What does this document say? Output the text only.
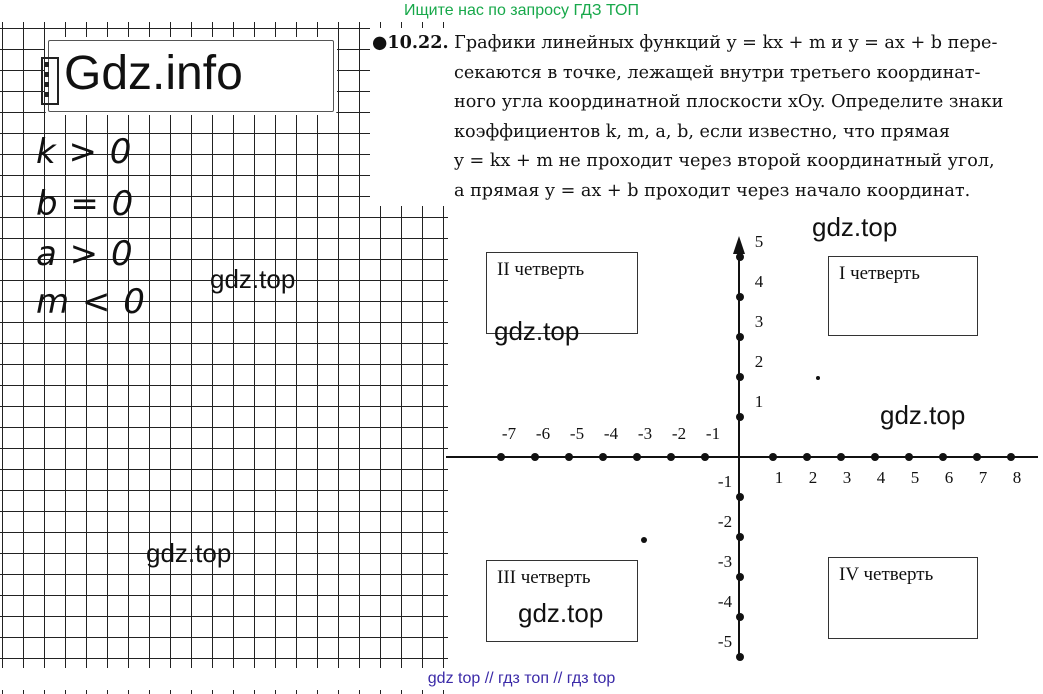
Ищите нас по запросу ГДЗ ТОП
Gdz.info
k > 0
b = 0
a > 0
m < 0
●10.22. Графики линейных функций y = kx + m и y = ax + b пере-
секаются в точке, лежащей внутри третьего координат-
ного угла координатной плоскости xOy. Определите знаки
коэффициентов k, m, a, b, если известно, что прямая
y = kx + m не проходит через второй координатный угол,
а прямая y = ax + b проходит через начало координат.
-7 -6 -5 -4 -3 -2 -1
1 2 3 4 5 6 7 8
5
4
3
2
1
-1
-2
-3
-4
-5
II четверть	I четверть
III четверть	IV четверть
gdz.top
gdz.top
gdz.top
gdz.top
gdz.top
gdz.top
gdz top // гдз топ // гдз top
